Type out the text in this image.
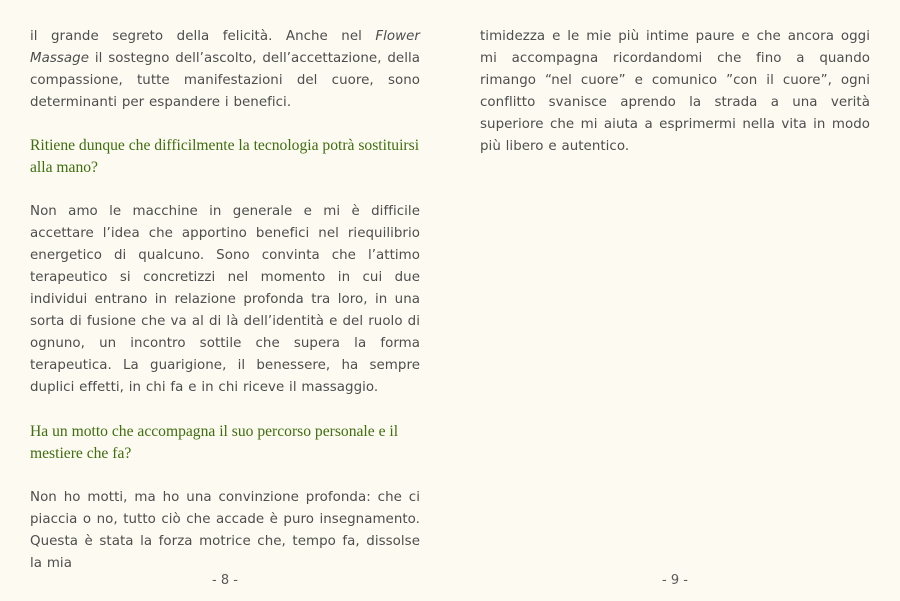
il grande segreto della felicità. Anche nel Flower Massage il sostegno dell’ascolto, dell’accettazione, della compassione, tutte manifestazioni del cuore, sono determinanti per espandere i benefici.

Ritiene dunque che difficilmente la tecnologia potrà sostituirsi alla mano?

Non amo le macchine in generale e mi è difficile accettare l’idea che apportino benefici nel riequilibrio energetico di qualcuno. Sono convinta che l’attimo terapeutico si concretizzi nel momento in cui due individui entrano in relazione profonda tra loro, in una sorta di fusione che va al di là dell’identità e del ruolo di ognuno, un incontro sottile che supera la forma terapeutica. La guarigione, il benessere, ha sempre duplici effetti, in chi fa e in chi riceve il massaggio.

Ha un motto che accompagna il suo percorso personale e il mestiere che fa?

Non ho motti, ma ho una convinzione profonda: che ci piaccia o no, tutto ciò che accade è puro insegnamento. Questa è stata la forza motrice che, tempo fa, dissolse la mia

timidezza e le mie più intime paure e che ancora oggi mi accompagna ricordandomi che fino a quando rimango “nel cuore” e comunico ”con il cuore”, ogni conflitto svanisce aprendo la strada a una verità superiore che mi aiuta a esprimermi nella vita in modo più libero e autentico.

- 8 -	- 9 -
